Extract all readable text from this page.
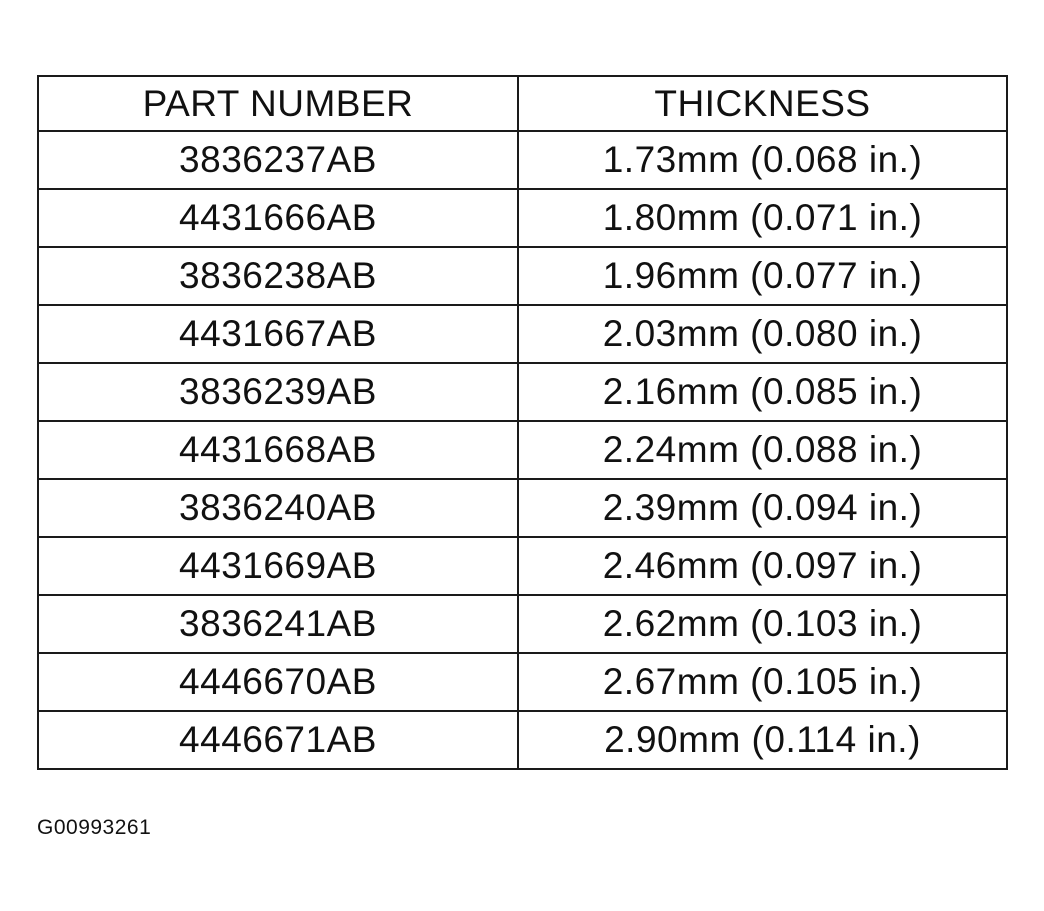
PART NUMBER	THICKNESS
3836237AB	1.73mm (0.068 in.)
4431666AB	1.80mm (0.071 in.)
3836238AB	1.96mm (0.077 in.)
4431667AB	2.03mm (0.080 in.)
3836239AB	2.16mm (0.085 in.)
4431668AB	2.24mm (0.088 in.)
3836240AB	2.39mm (0.094 in.)
4431669AB	2.46mm (0.097 in.)
3836241AB	2.62mm (0.103 in.)
4446670AB	2.67mm (0.105 in.)
4446671AB	2.90mm (0.114 in.)
G00993261
